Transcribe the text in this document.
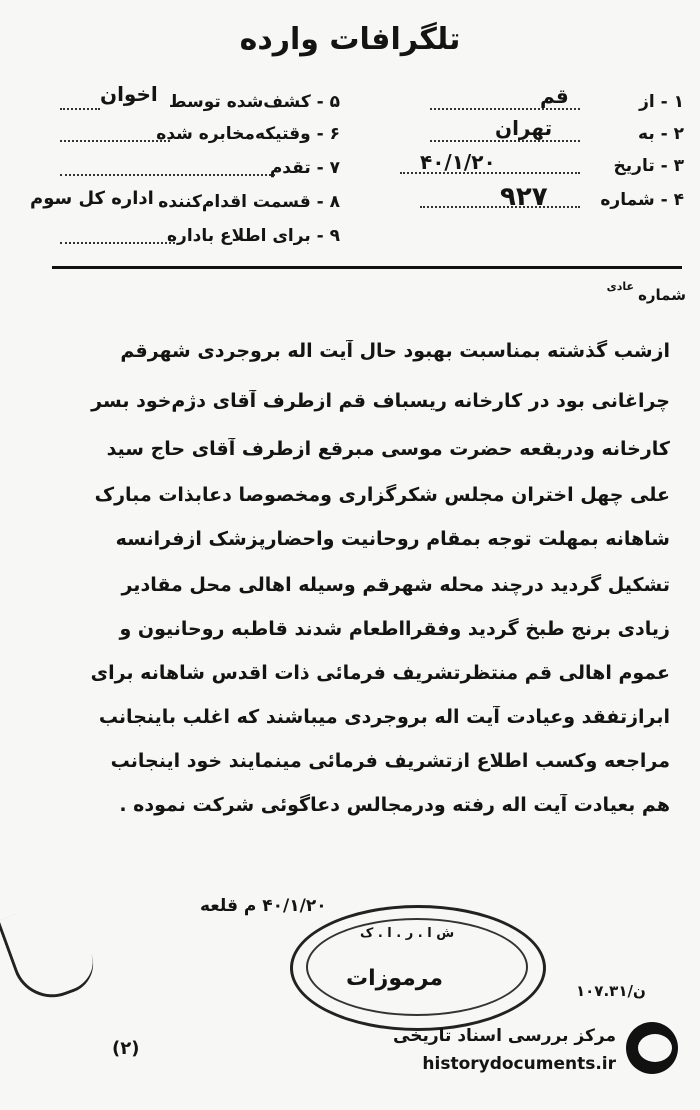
تلگرافات وارده
۱ - از
قم
۲ - به
تهران
۳ - تاریخ
۴۰/۱/۲۰
۴ - شماره
۹۲۷
۵ - کشف‌شده توسط
اخوان
۶ - وقتیکه‌مخابره شده
۷ - تقدم
۸ - قسمت اقدام‌کننده
اداره کل سوم
۹ - برای اطلاع باداره
شماره
عادی
ازشب گذشته بمناسبت بهبود حال آیت اله بروجردی شهرقم
چراغانی بود در کارخانه ریسباف قم ازطرف آقای دژم‌خود بسر
کارخانه ودربقعه حضرت موسی مبرقع ازطرف آقای حاج سید
علی چهل اختران مجلس شکرگزاری ومخصوصا دعابذات مبارک
شاهانه بمهلت توجه بمقام روحانیت واحضارپزشک ازفرانسه
تشکیل گردید درچند محله شهرقم وسیله اهالی محل مقادیر
زیادی برنج طبخ گردید وفقرااطعام شدند قاطبه روحانیون و
عموم اهالی قم منتظرتشریف فرمائی ذات اقدس شاهانه برای
ابرازتفقد وعیادت آیت اله بروجردی میباشند که اغلب باینجانب
مراجعه وکسب اطلاع ازتشریف فرمائی مینمایند خود اینجانب
هم بعیادت آیت اله رفته ودرمجالس دعاگوئی شرکت نموده .
۴۰/۱/۲۰ م قلعه
ش ا . ر . ا . ک
مرموزات	ن/۱۰۷.۳۱
(۲)
مرکز بررسی اسناد تاریخی
historydocuments.ir
